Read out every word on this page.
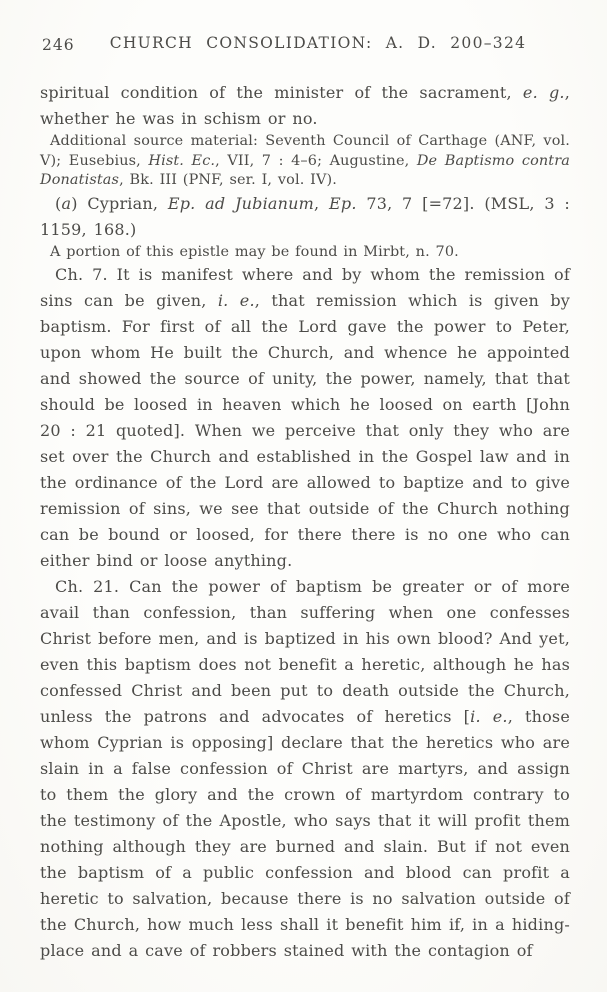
246	CHURCH CONSOLIDATION: A. D. 200–324

spiritual condition of the minister of the sacrament, e. g., whether he was in schism or no.

Additional source material: Seventh Council of Carthage (ANF, vol. V); Eusebius, Hist. Ec., VII, 7 : 4–6; Augustine, De Baptismo contra Donatistas, Bk. III (PNF, ser. I, vol. IV).

(a) Cyprian, Ep. ad Jubianum, Ep. 73, 7 [=72]. (MSL, 3 : 1159, 168.)

A portion of this epistle may be found in Mirbt, n. 70.

Ch. 7. It is manifest where and by whom the remission of sins can be given, i. e., that remission which is given by baptism. For first of all the Lord gave the power to Peter, upon whom He built the Church, and whence he appointed and showed the source of unity, the power, namely, that that should be loosed in heaven which he loosed on earth [John 20 : 21 quoted]. When we perceive that only they who are set over the Church and established in the Gospel law and in the ordinance of the Lord are allowed to baptize and to give remission of sins, we see that outside of the Church nothing can be bound or loosed, for there there is no one who can either bind or loose anything.

Ch. 21. Can the power of baptism be greater or of more avail than confession, than suffering when one confesses Christ before men, and is baptized in his own blood? And yet, even this baptism does not benefit a heretic, although he has confessed Christ and been put to death outside the Church, unless the patrons and advocates of heretics [i. e., those whom Cyprian is opposing] declare that the heretics who are slain in a false confession of Christ are martyrs, and assign to them the glory and the crown of martyrdom contrary to the testimony of the Apostle, who says that it will profit them nothing although they are burned and slain. But if not even the baptism of a public confession and blood can profit a heretic to salvation, because there is no salvation outside of the Church, how much less shall it benefit him if, in a hiding-place and a cave of robbers stained with the contagion of
